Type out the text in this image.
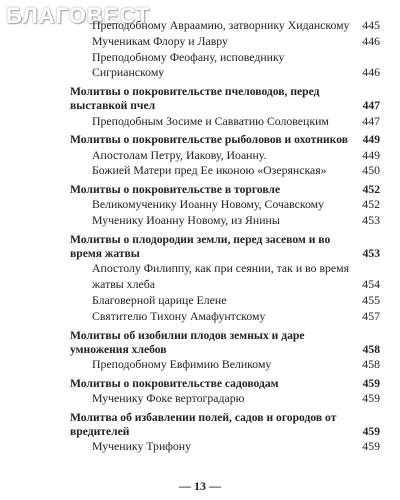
БЛАГОВЕСТ
Преподобному Авраамию, затворнику Хиданскому	445
Мученикам Флору и Лавру	446
Преподобному Феофану, исповеднику Сигрианскому	446
Молитвы о покровительстве пчеловодов, перед выставкой пчел	447
Преподобным Зосиме и Савватию Соловецким	447
Молитвы о покровительстве рыболовов и охотников	449
Апостолам Петру, Иакову, Иоанну.	449
Божией Матери пред Ее иконою «Озерянская»	450
Молитвы о покровительстве в торговле	452
Великомученику Иоанну Новому, Сочавскому	452
Мученику Иоанну Новому, из Янины	453
Молитвы о плодородии земли, перед засевом и во время жатвы	453
Апостолу Филиппу, как при сеянии, так и во время жатвы хлеба	454
Благоверной царице Елене	455
Святителю Тихону Амафунтскому	457
Молитвы об изобилии плодов земных и даре умножения хлебов	458
Преподобному Евфимию Великому	458
Молитвы о покровительстве садоводам	459
Мученику Фоке вертоградарю	459
Молитва об избавлении полей, садов и огородов от вредителей	459
Мученику Трифону	459
— 13 —
